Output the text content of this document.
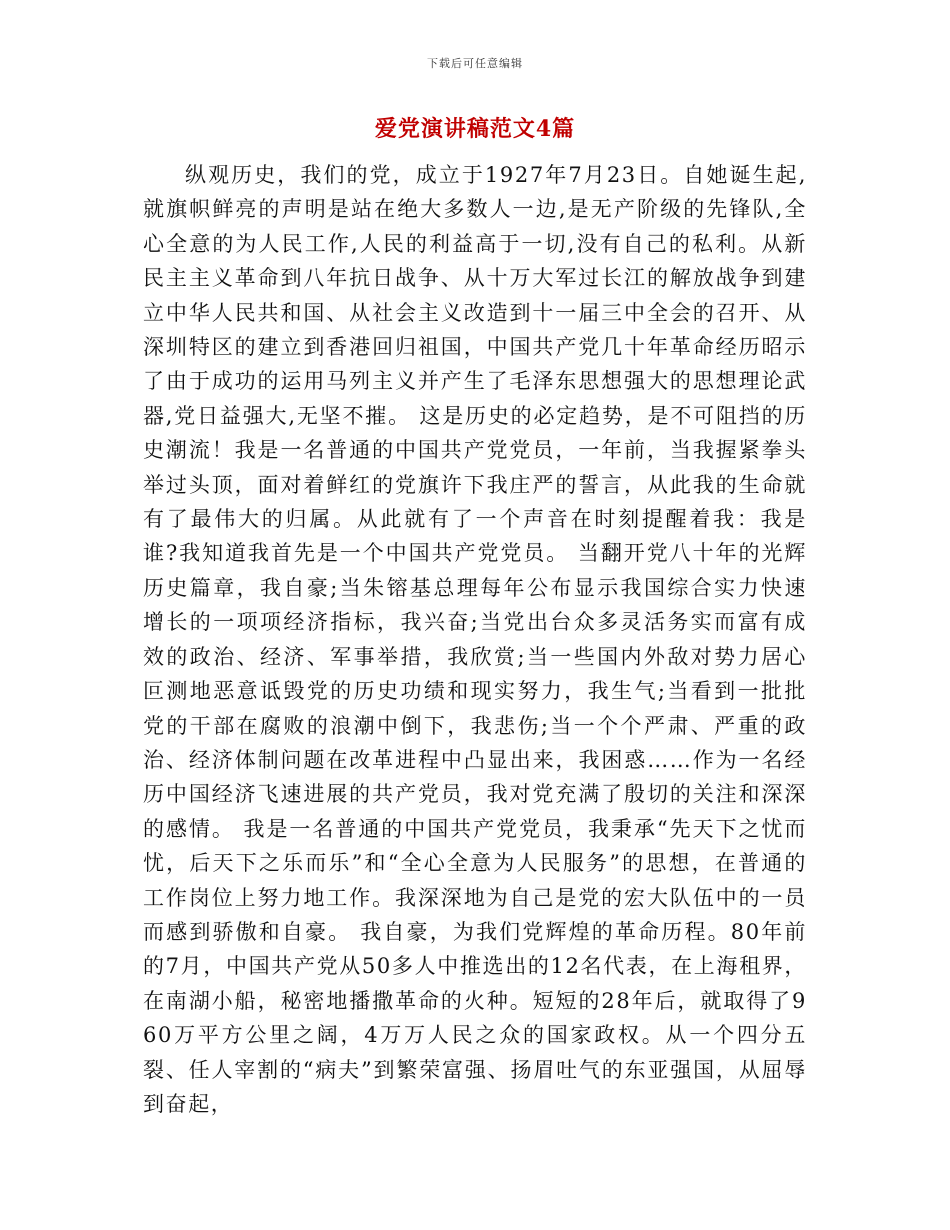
下载后可任意编辑
爱党演讲稿范文4篇

纵观历史，我们的党，成立于1927年7月23日。自她诞生起,就旗帜鲜亮的声明是站在绝大多数人一边,是无产阶级的先锋队,全心全意的为人民工作,人民的利益高于一切,没有自己的私利。从新民主主义革命到八年抗日战争、从十万大军过长江的解放战争到建立中华人民共和国、从社会主义改造到十一届三中全会的召开、从深圳特区的建立到香港回归祖国，中国共产党几十年革命经历昭示了由于成功的运用马列主义并产生了毛泽东思想强大的思想理论武器,党日益强大,无坚不摧。 这是历史的必定趋势，是不可阻挡的历史潮流！我是一名普通的中国共产党党员，一年前，当我握紧拳头举过头顶，面对着鲜红的党旗许下我庄严的誓言，从此我的生命就有了最伟大的归属。从此就有了一个声音在时刻提醒着我：我是谁?我知道我首先是一个中国共产党党员。 当翻开党八十年的光辉历史篇章，我自豪;当朱镕基总理每年公布显示我国综合实力快速增长的一项项经济指标，我兴奋;当党出台众多灵活务实而富有成效的政治、经济、军事举措，我欣赏;当一些国内外敌对势力居心叵测地恶意诋毁党的历史功绩和现实努力，我生气;当看到一批批党的干部在腐败的浪潮中倒下，我悲伤;当一个个严肃、严重的政治、经济体制问题在改革进程中凸显出来，我困惑……作为一名经历中国经济飞速进展的共产党员，我对党充满了殷切的关注和深深的感情。 我是一名普通的中国共产党党员，我秉承“先天下之忧而忧，后天下之乐而乐”和“全心全意为人民服务”的思想，在普通的工作岗位上努力地工作。我深深地为自己是党的宏大队伍中的一员而感到骄傲和自豪。 我自豪，为我们党辉煌的革命历程。80年前的7月，中国共产党从50多人中推选出的12名代表，在上海租界，在南湖小船，秘密地播撒革命的火种。短短的28年后，就取得了960万平方公里之阔，4万万人民之众的国家政权。从一个四分五裂、任人宰割的“病夫”到繁荣富强、扬眉吐气的东亚强国，从屈辱到奋起，
